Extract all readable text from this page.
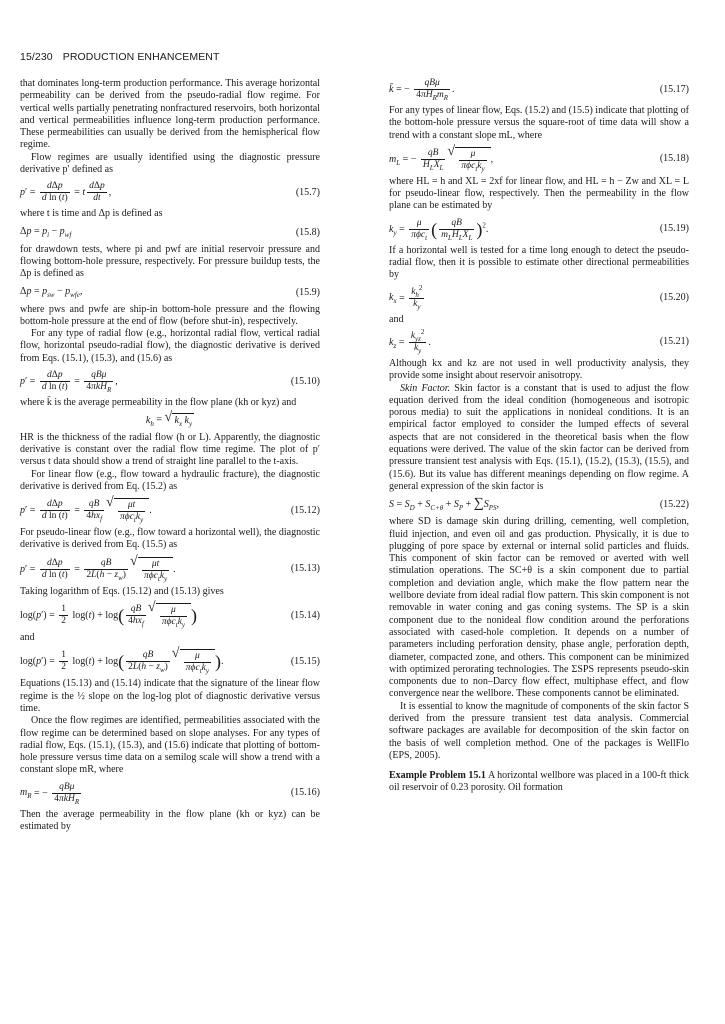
15/230 PRODUCTION ENHANCEMENT

that dominates long-term production performance. This average horizontal permeability can be derived from the pseudo-radial flow regime. For vertical wells partially penetrating nonfractured reservoirs, both horizontal and vertical permeabilities influence long-term production performance. These permeabilities can usually be derived from the hemispherical flow regime.

Flow regimes are usually identified using the diagnostic pressure derivative p′ defined as

$p' = \frac{\text{dΔp}}{\text{d ln (t)}} = t \frac{\text{dΔp}}{dt}$ ,	(15.7)

where t is time and Δp is defined as

$\Delta p = p_i - p_{wf}$	(15.8)

for drawdown tests, where pi and pwf are initial reservoir pressure and flowing bottom-hole pressure, respectively. For pressure buildup tests, the Δp is defined as

$\Delta p = p_{sw} - p_{wfe}$,	(15.9)

where pws and pwfe are ship-in bottom-hole pressure and the flowing bottom-hole pressure at the end of flow (before shut-in), respectively.

For any type of radial flow (e.g., horizontal radial flow, vertical radial flow, horizontal pseudo-radial flow), the diagnostic derivative is derived from Eqs. (15.1), (15.3), and (15.6) as

$p' = \frac{\text{dΔp}}{\text{d ln (t)}} = \frac{\text{qBμ}}{4\pi k̄H_R}$ ,	(15.10)

where k̄ is the average permeability in the flow plane (kh or kyz) and

$k_h$ = √ $k_x$ $k_y$

HR is the thickness of the radial flow (h or L). Apparently, the diagnostic derivative is constant over the radial flow time regime. The plot of p′ versus t data should show a trend of straight line parallel to the t-axis.

For linear flow (e.g., flow toward a hydraulic fracture), the diagnostic derivative is derived from Eq. (15.2) as

$p' = \frac{\text{dΔp}}{\text{d ln (t)}} = \frac{qB}{4hx_f}$ √ $\frac{\mu t}{\pi\phi c_tk_y}$ .	(15.12)

For pseudo-linear flow (e.g., flow toward a horizontal well), the diagnostic derivative is derived from Eq. (15.5) as

$p' = \frac{\text{dΔp}}{\text{d ln (t)}} = \frac{qB}{2L(h - z_w)}$ √ $\frac{\mu t}{\pi\phi c_tk_y}$ .	(15.13)

Taking logarithm of Eqs. (15.12) and (15.13) gives

$\log(p') = \frac{1}{2} \log(t) + \log( \frac{qB}{4hx_f}$ √ $\frac{\mu}{\pi\phi c_tk_y}$ )	(15.14)

and

$\log(p') = \frac{1}{2} \log(t) + \log( \frac{qB}{2L(h - z_w)}$ √ $\frac{\mu}{\pi\phi c_tk_y}$ ).	(15.15)

Equations (15.13) and (15.14) indicate that the signature of the linear flow regime is the ½ slope on the log-log plot of diagnostic derivative versus time.

Once the flow regimes are identified, permeabilities associated with the flow regime can be determined based on slope analyses. For any types of radial flow, Eqs. (15.1), (15.3), and (15.6) indicate that plotting of bottom-hole pressure versus time data on a semilog scale will show a trend with a constant slope mR, where

$m_R$ = − $\frac{\text{qBμ}}{4\pi k̄H_R}$	(15.16)

Then the average permeability in the flow plane (kh or kyz) can be estimated by

k̄ = − $\frac{\text{qBμ}}{4\pi H_Rm_R}$ .	(15.17)

For any types of linear flow, Eqs. (15.2) and (15.5) indicate that plotting of the bottom-hole pressure versus the square-root of time data will show a trend with a constant slope mL, where

$m_L$ = − $\frac{qB}{H_LX_L}$ √ $\frac{\mu}{\pi\phi c_tk_y}$ ,	(15.18)

where HL = h and XL = 2xf for linear flow, and HL = h − Zw and XL = L for pseudo-linear flow, respectively. Then the permeability in the flow plane can be estimated by

$k_y = \frac{\mu}{\pi\phi c_t}$ ( $\frac{qB}{m_LH_LX_L} )^2$.	(15.19)

If a horizontal well is tested for a time long enough to detect the pseudo-radial flow, then it is possible to estimate other directional permeabilities by

$k_x = \frac{k_h^2}{k_y}$	(15.20)

and

$k_z = \frac{k_{yz}^2}{k_y}$ .	(15.21)

Although kx and kz are not used in well productivity analysis, they provide some insight about reservoir anisotropy.

Skin Factor. Skin factor is a constant that is used to adjust the flow equation derived from the ideal condition (homogeneous and isotropic porous media) to suit the applications in nonideal conditions. It is an empirical factor employed to consider the lumped effects of several aspects that are not considered in the theoretical basis when the flow equations were derived. The value of the skin factor can be derived from pressure transient test analysis with Eqs. (15.1), (15.2), (15.3), (15.5), and (15.6). But its value has different meanings depending on flow regime. A general expression of the skin factor is

$S = S_D + S_{C+\theta} + S_P + \sum S_{PS}$,	(15.22)

where SD is damage skin during drilling, cementing, well completion, fluid injection, and even oil and gas production. Physically, it is due to plugging of pore space by external or internal solid particles and fluids. This component of skin factor can be removed or averted with well stimulation operations. The SC+θ is a skin component due to partial completion and deviation angle, which make the flow pattern near the wellbore deviate from ideal radial flow pattern. This skin component is not removable in water coning and gas coning systems. The SP is a skin component due to the nonideal flow condition around the perforations associated with cased-hole completion. It depends on a number of parameters including perforation density, phase angle, perforation depth, diameter, compacted zone, and others. This component can be minimized with optimized perorating technologies. The ΣSPS represents pseudo-skin components due to non–Darcy flow effect, multiphase effect, and flow convergence near the wellbore. These components cannot be eliminated.

It is essential to know the magnitude of components of the skin factor S derived from the pressure transient test data analysis. Commercial software packages are available for decomposition of the skin factor on the basis of well completion method. One of the packages is WellFlo (EPS, 2005).

Example Problem 15.1 A horizontal wellbore was placed in a 100-ft thick oil reservoir of 0.23 porosity. Oil formation
